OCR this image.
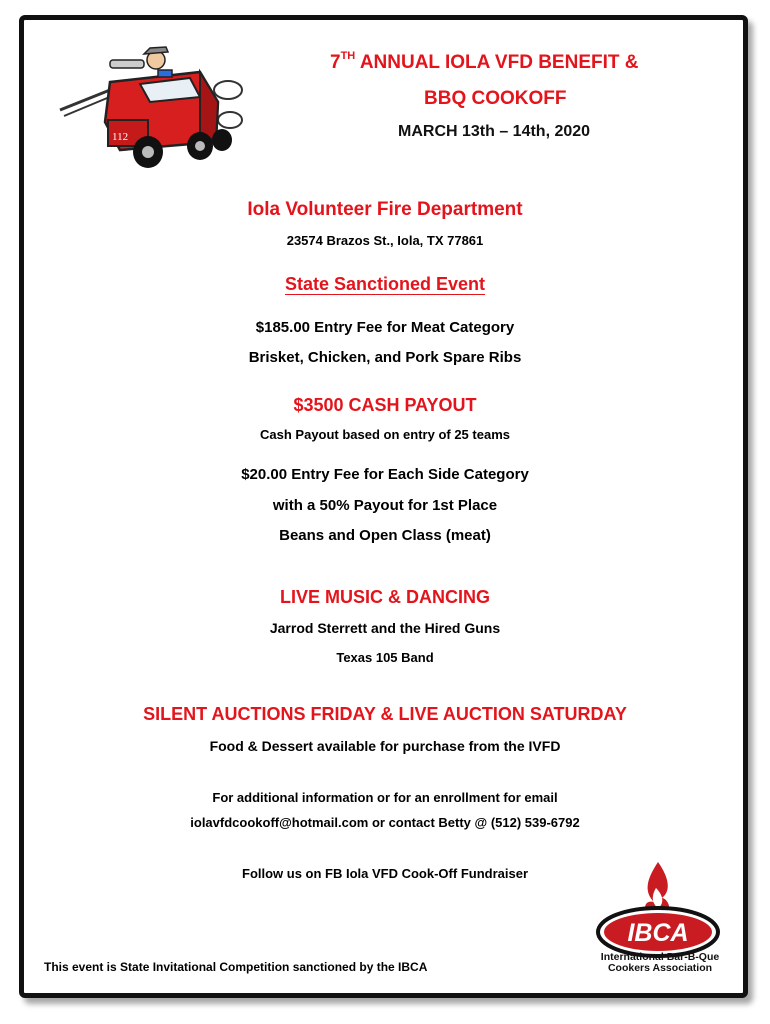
112
7TH ANNUAL IOLA VFD BENEFIT &
BBQ COOKOFF
MARCH 13th – 14th, 2020
Iola Volunteer Fire Department
23574 Brazos St., Iola, TX 77861
State Sanctioned Event
$185.00 Entry Fee for Meat Category
Brisket, Chicken, and Pork Spare Ribs
$3500 CASH PAYOUT
Cash Payout based on entry of 25 teams
$20.00 Entry Fee for Each Side Category
with a 50% Payout for 1st Place
Beans and Open Class (meat)
LIVE MUSIC & DANCING
Jarrod Sterrett and the Hired Guns
Texas 105 Band
SILENT AUCTIONS FRIDAY & LIVE AUCTION SATURDAY
Food & Dessert available for purchase from the IVFD
For additional information or for an enrollment for email
iolavfdcookoff@hotmail.com or contact Betty @ (512) 539-6792
Follow us on FB Iola VFD Cook-Off Fundraiser
IBCA
International Bar-B-Que
Cookers Association
This event is State Invitational Competition sanctioned by the IBCA
